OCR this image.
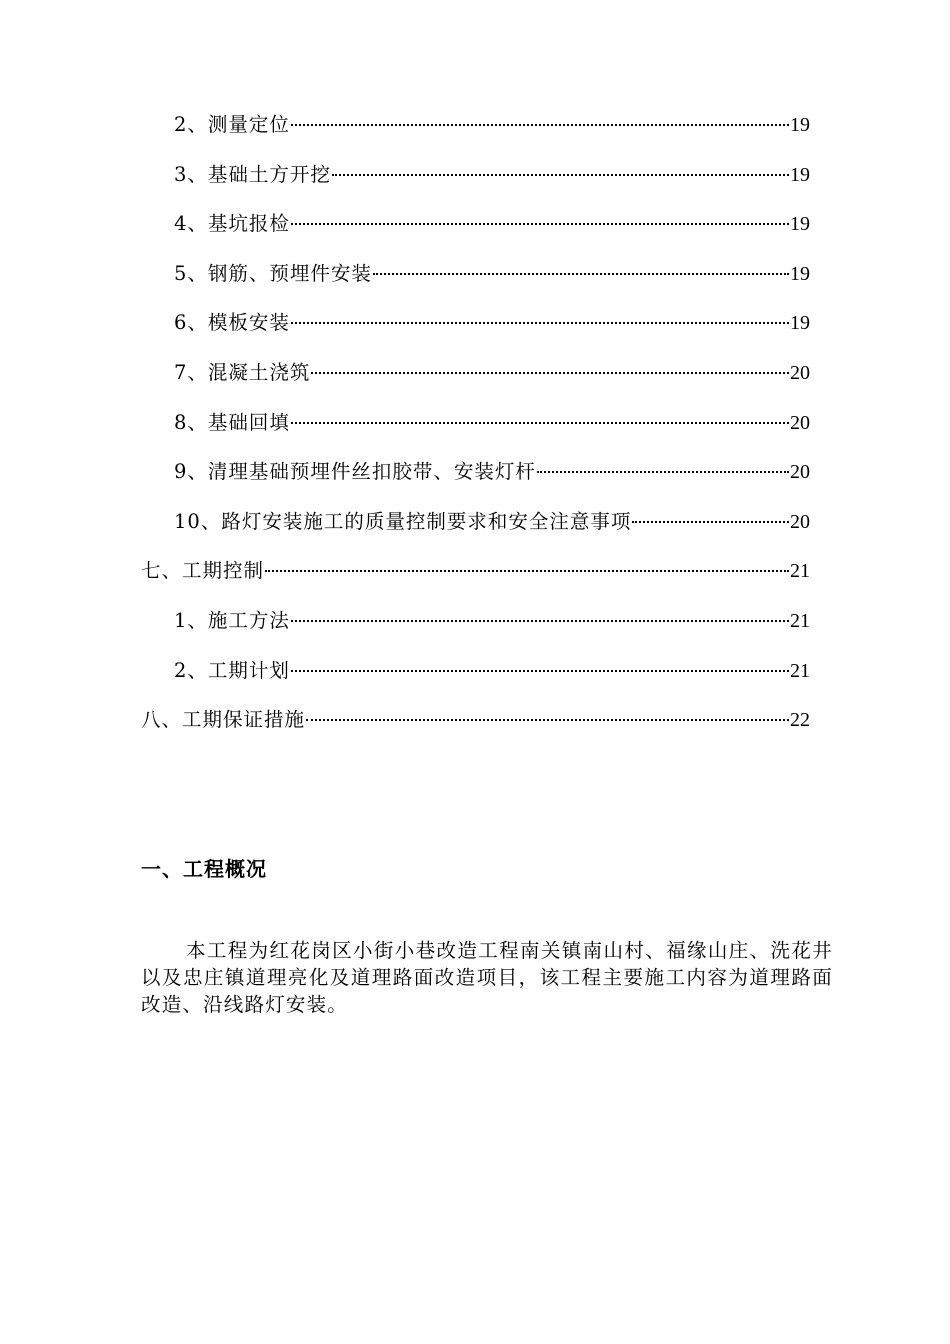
2、测量定位	19
3、基础土方开挖	19
4、基坑报检	19
5、钢筋、预埋件安装	19
6、模板安装	19
7、混凝土浇筑	20
8、基础回填	20
9、清理基础预埋件丝扣胶带、安装灯杆	20
10、路灯安装施工的质量控制要求和安全注意事项	20
七、工期控制	21
1、施工方法	21
2、工期计划	21
八、工期保证措施	22
一、工程概况

本工程为红花岗区小街小巷改造工程南关镇南山村、福缘山庄、洗花井以及忠庄镇道理亮化及道理路面改造项目，该工程主要施工内容为道理路面改造、沿线路灯安装。
